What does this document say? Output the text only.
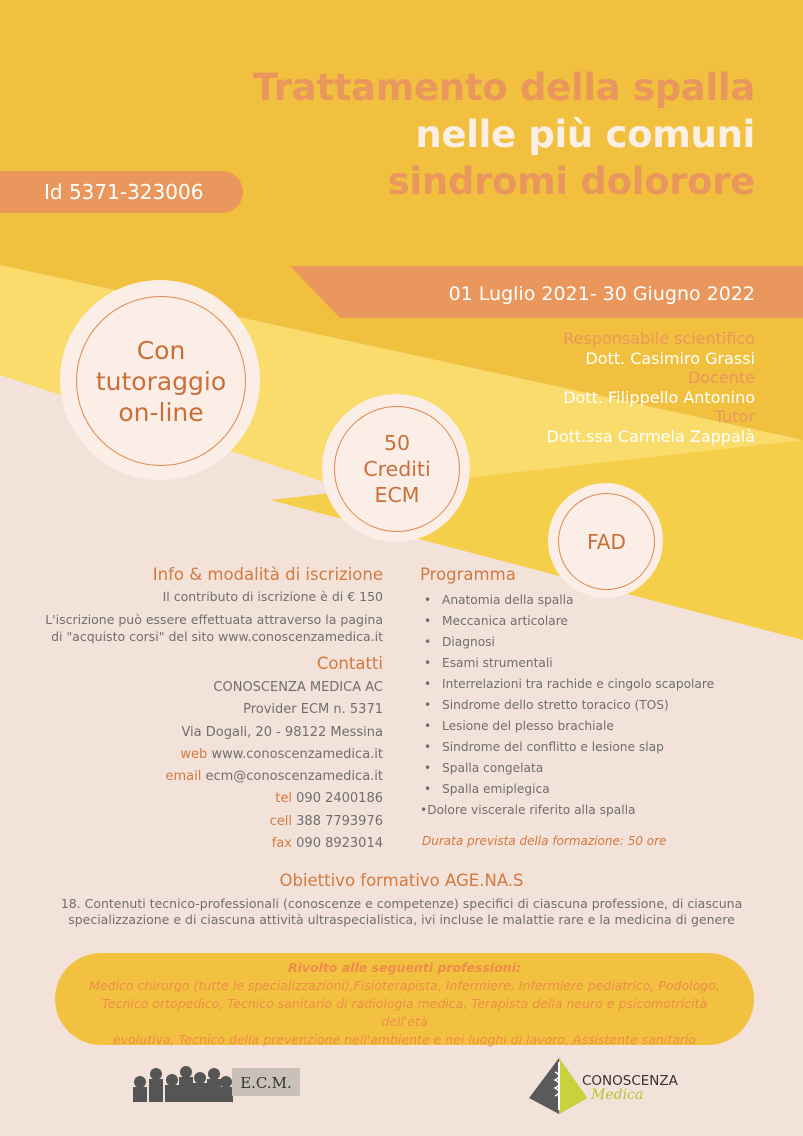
Trattamento della spalla
nelle più comuni
sindromi dolorore
Id 5371-323006
01 Luglio 2021- 30 Giugno 2022
Responsabile scientifico
Dott. Casimiro Grassi
Docente
Dott. Filippello Antonino
Tutor
Dott.ssa Carmela Zappalà
Con
tutoraggio
on-line
50
Crediti
ECM
FAD
Info & modalità di iscrizione
Il contributo di iscrizione è di € 150
L'iscrizione può essere effettuata attraverso la pagina
di "acquisto corsi" del sito www.conoscenzamedica.it
Contatti
CONOSCENZA MEDICA AC
Provider ECM n. 5371
Via Dogali, 20 - 98122 Messina
web www.conoscenzamedica.it
email ecm@conoscenzamedica.it
tel 090 2400186
cell 388 7793976
fax 090 8923014
Programma
• Anatomia della spalla
• Meccanica articolare
• Diagnosi
• Esami strumentali
• Interrelazioni tra rachide e cingolo scapolare
• Sindrome dello stretto toracico (TOS)
• Lesione del plesso brachiale
• Sindrome del conflitto e lesione slap
• Spalla congelata
• Spalla emiplegica
•Dolore viscerale riferito alla spalla
Durata prevista della formazione: 50 ore
Obiettivo formativo AGE.NA.S
18. Contenuti tecnico-professionali (conoscenze e competenze) specifici di ciascuna professione, di ciascuna
specializzazione e di ciascuna attività ultraspecialistica, ivi incluse le malattie rare e la medicina di genere
Rivolto alle seguenti professioni:
Medico chirurgo (tutte le specializzazioni),Fisioterapista, Infermiere, Infermiere pediatrico, Podologo,
Tecnico ortopedico, Tecnico sanitario di radiologia medica, Terapista della neuro e psicomotricità dell'età
evolutiva, Tecnico della prevenzione nell'ambiente e nei luoghi di lavoro, Assistente sanitario
E.C.M.	CONOSCENZA
Medica
